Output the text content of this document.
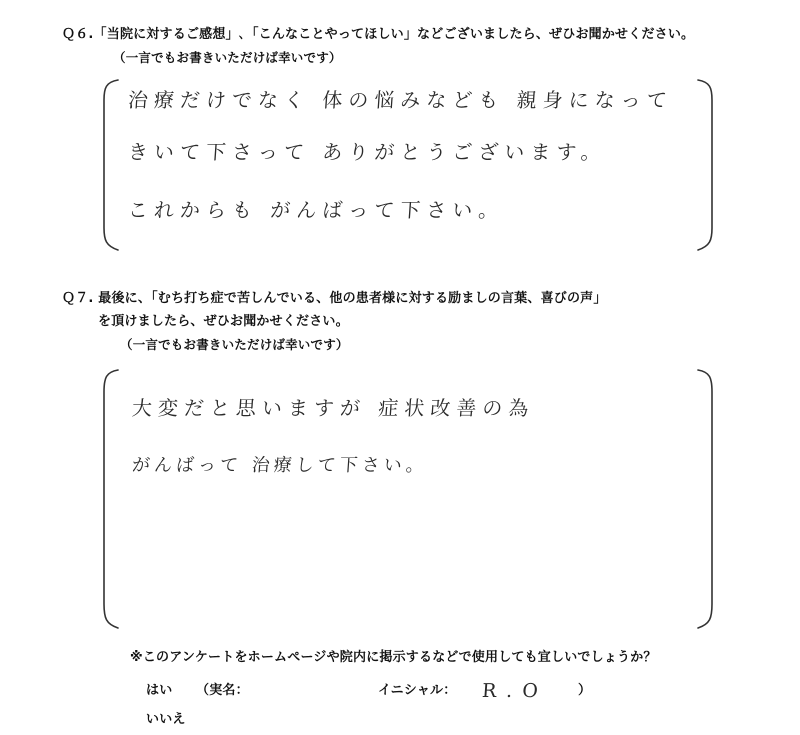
Ｑ６.「当院に対するご感想」､「こんなことやってほしい」などございましたら、ぜひお聞かせください。
（一言でもお書きいただけば幸いです）
治療だけでなく 体の悩みなども 親身になって
きいて下さって ありがとうございます。
これからも がんばって下さい。
Ｑ７. 最後に、「むち打ち症で苦しんでいる、他の患者様に対する励ましの言葉、喜びの声」
を頂けましたら、ぜひお聞かせください。
（一言でもお書きいただけば幸いです）
大変だと思いますが 症状改善の為
がんばって 治療して下さい。
※このアンケートをホームページや院内に掲示するなどで使用しても宜しいでしょうか？
はい （実名：	イニシャル： R.O ）
いいえ
